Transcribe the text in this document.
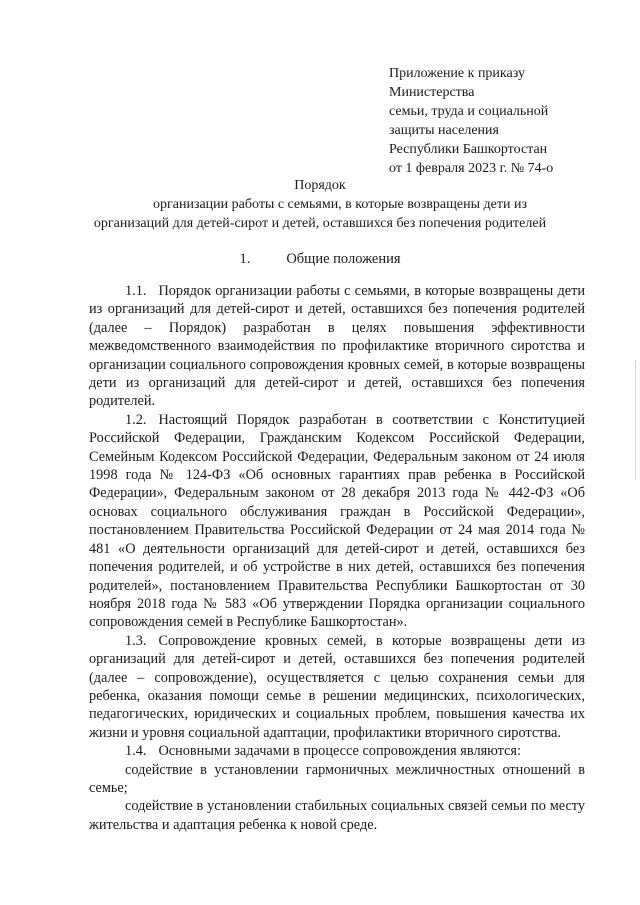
Приложение к приказу
Министерства
семьи, труда и социальной
защиты населения
Республики Башкортостан
от 1 февраля 2023 г. № 74-о
Порядок
организации работы с семьями, в которые возвращены дети из
организаций для детей-сирот и детей, оставшихся без попечения родителей
1. Общие положения

1.1. Порядок организации работы с семьями, в которые возвращены дети из организаций для детей-сирот и детей, оставшихся без попечения родителей (далее – Порядок) разработан в целях повышения эффективности межведомственного взаимодействия по профилактике вторичного сиротства и организации социального сопровождения кровных семей, в которые возвращены дети из организаций для детей-сирот и детей, оставшихся без попечения родителей.

1.2. Настоящий Порядок разработан в соответствии с Конституцией Российской Федерации, Гражданским Кодексом Российской Федерации, Семейным Кодексом Российской Федерации, Федеральным законом от 24 июля 1998 года № 124-ФЗ «Об основных гарантиях прав ребенка в Российской Федерации», Федеральным законом от 28 декабря 2013 года № 442-ФЗ «Об основах социального обслуживания граждан в Российской Федерации», постановлением Правительства Российской Федерации от 24 мая 2014 года № 481 «О деятельности организаций для детей-сирот и детей, оставшихся без попечения родителей, и об устройстве в них детей, оставшихся без попечения родителей», постановлением Правительства Республики Башкортостан от 30 ноября 2018 года № 583 «Об утверждении Порядка организации социального сопровождения семей в Республике Башкортостан».

1.3. Сопровождение кровных семей, в которые возвращены дети из организаций для детей-сирот и детей, оставшихся без попечения родителей (далее – сопровождение), осуществляется с целью сохранения семьи для ребенка, оказания помощи семье в решении медицинских, психологических, педагогических, юридических и социальных проблем, повышения качества их жизни и уровня социальной адаптации, профилактики вторичного сиротства.

1.4. Основными задачами в процессе сопровождения являются:

содействие в установлении гармоничных межличностных отношений в семье;

содействие в установлении стабильных социальных связей семьи по месту жительства и адаптация ребенка к новой среде.
